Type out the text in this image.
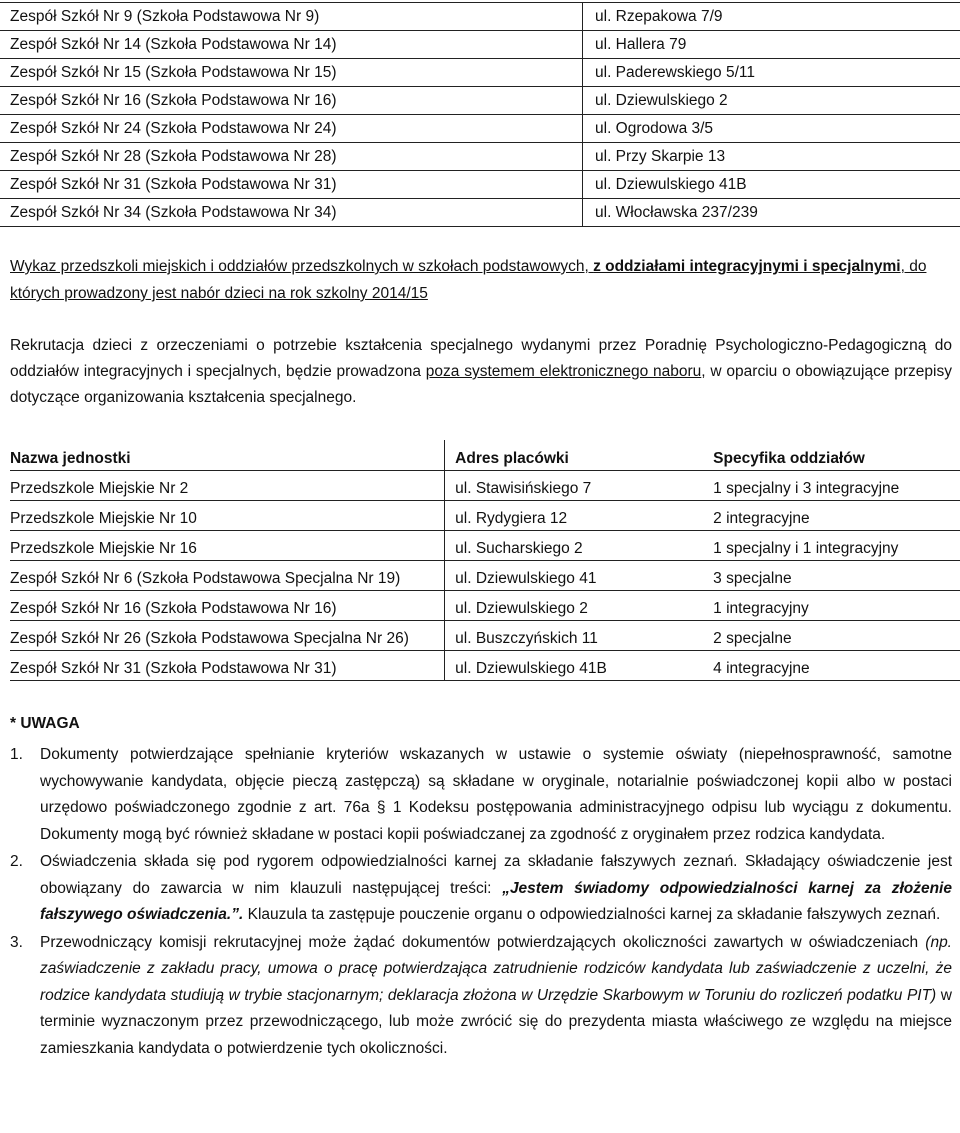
Zespół Szkół Nr 9 (Szkoła Podstawowa Nr 9)	ul. Rzepakowa 7/9
Zespół Szkół Nr 14 (Szkoła Podstawowa Nr 14)	ul. Hallera 79
Zespół Szkół Nr 15 (Szkoła Podstawowa Nr 15)	ul. Paderewskiego 5/11
Zespół Szkół Nr 16 (Szkoła Podstawowa Nr 16)	ul. Dziewulskiego 2
Zespół Szkół Nr 24 (Szkoła Podstawowa Nr 24)	ul. Ogrodowa 3/5
Zespół Szkół Nr 28 (Szkoła Podstawowa Nr 28)	ul. Przy Skarpie 13
Zespół Szkół Nr 31 (Szkoła Podstawowa Nr 31)	ul. Dziewulskiego 41B
Zespół Szkół Nr 34 (Szkoła Podstawowa Nr 34)	ul. Włocławska 237/239
Wykaz przedszkoli miejskich i oddziałów przedszkolnych w szkołach podstawowych, z oddziałami integracyjnymi i specjalnymi, do których prowadzony jest nabór dzieci na rok szkolny 2014/15
Rekrutacja dzieci z orzeczeniami o potrzebie kształcenia specjalnego wydanymi przez Poradnię Psychologiczno-Pedagogiczną do oddziałów integracyjnych i specjalnych, będzie prowadzona poza systemem elektronicznego naboru, w oparciu o obowiązujące przepisy dotyczące organizowania kształcenia specjalnego.
Nazwa jednostki	Adres placówki	Specyfika oddziałów
Przedszkole Miejskie Nr 2	ul. Stawisińskiego 7	1 specjalny i 3 integracyjne
Przedszkole Miejskie Nr 10	ul. Rydygiera 12	2 integracyjne
Przedszkole Miejskie Nr 16	ul. Sucharskiego 2	1 specjalny i 1 integracyjny
Zespół Szkół Nr 6 (Szkoła Podstawowa Specjalna Nr 19)	ul. Dziewulskiego 41	3 specjalne
Zespół Szkół Nr 16 (Szkoła Podstawowa Nr 16)	ul. Dziewulskiego 2	1 integracyjny
Zespół Szkół Nr 26 (Szkoła Podstawowa Specjalna Nr 26)	ul. Buszczyńskich 11	2 specjalne
Zespół Szkół Nr 31 (Szkoła Podstawowa Nr 31)	ul. Dziewulskiego 41B	4 integracyjne
* UWAGA
1. Dokumenty potwierdzające spełnianie kryteriów wskazanych w ustawie o systemie oświaty (niepełnosprawność, samotne wychowywanie kandydata, objęcie pieczą zastępczą) są składane w oryginale, notarialnie poświadczonej kopii albo w postaci urzędowo poświadczonego zgodnie z art. 76a § 1 Kodeksu postępowania administracyjnego odpisu lub wyciągu z dokumentu. Dokumenty mogą być również składane w postaci kopii poświadczanej za zgodność z oryginałem przez rodzica kandydata.
2. Oświadczenia składa się pod rygorem odpowiedzialności karnej za składanie fałszywych zeznań. Składający oświadczenie jest obowiązany do zawarcia w nim klauzuli następującej treści: „Jestem świadomy odpowiedzialności karnej za złożenie fałszywego oświadczenia.”. Klauzula ta zastępuje pouczenie organu o odpowiedzialności karnej za składanie fałszywych zeznań.
3. Przewodniczący komisji rekrutacyjnej może żądać dokumentów potwierdzających okoliczności zawartych w oświadczeniach (np. zaświadczenie z zakładu pracy, umowa o pracę potwierdzająca zatrudnienie rodziców kandydata lub zaświadczenie z uczelni, że rodzice kandydata studiują w trybie stacjonarnym; deklaracja złożona w Urzędzie Skarbowym w Toruniu do rozliczeń podatku PIT) w terminie wyznaczonym przez przewodniczącego, lub może zwrócić się do prezydenta miasta właściwego ze względu na miejsce zamieszkania kandydata o potwierdzenie tych okoliczności.
